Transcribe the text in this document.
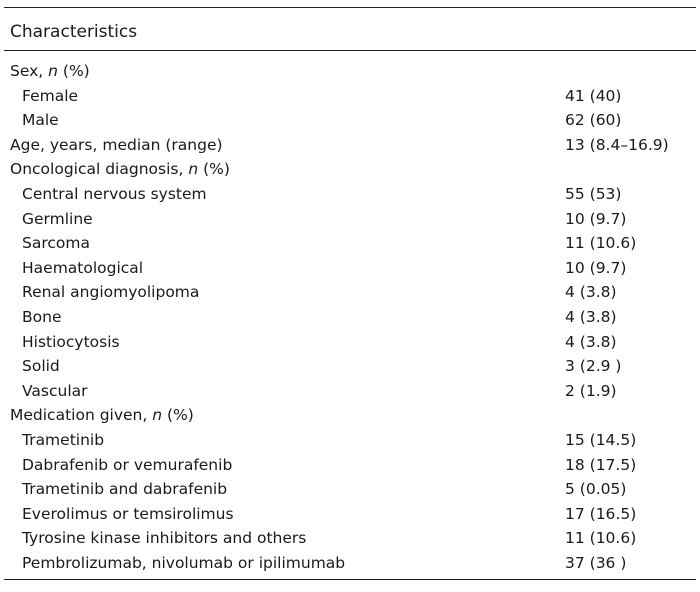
Characteristics
Sex, n (%)
Female	41 (40)
Male	62 (60)
Age, years, median (range)	13 (8.4–16.9)
Oncological diagnosis, n (%)
Central nervous system	55 (53)
Germline	10 (9.7)
Sarcoma	11 (10.6)
Haematological	10 (9.7)
Renal angiomyolipoma	4 (3.8)
Bone	4 (3.8)
Histiocytosis	4 (3.8)
Solid	3 (2.9 )
Vascular	2 (1.9)
Medication given, n (%)
Trametinib	15 (14.5)
Dabrafenib or vemurafenib	18 (17.5)
Trametinib and dabrafenib	5 (0.05)
Everolimus or temsirolimus	17 (16.5)
Tyrosine kinase inhibitors and others	11 (10.6)
Pembrolizumab, nivolumab or ipilimumab	37 (36 )
